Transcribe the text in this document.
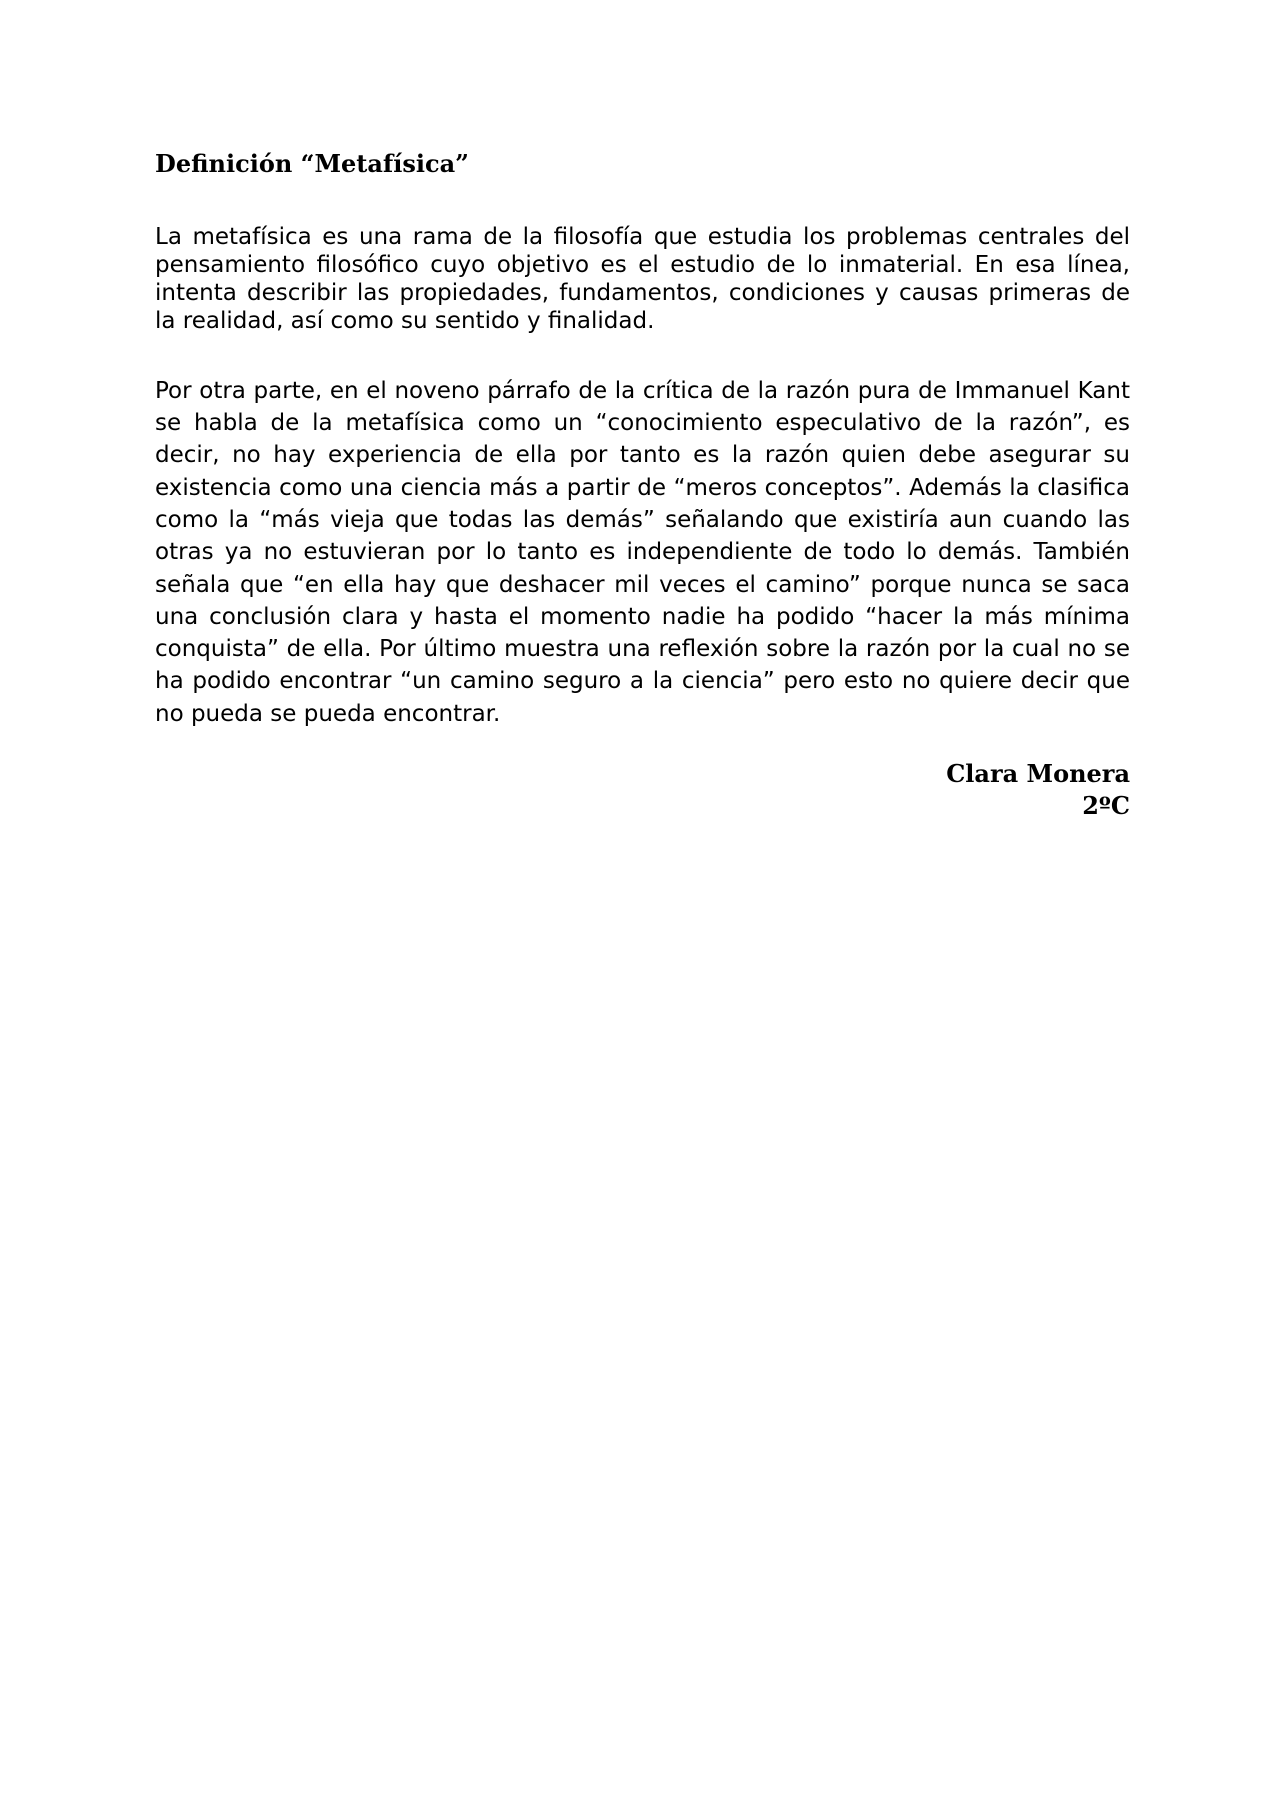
Definición “Metafísica”

La metafísica es una rama de la filosofía que estudia los problemas centrales del pensamiento filosófico cuyo objetivo es el estudio de lo inmaterial. En esa línea, intenta describir las propiedades, fundamentos, condiciones y causas primeras de la realidad, así como su sentido y finalidad.

Por otra parte, en el noveno párrafo de la crítica de la razón pura de Immanuel Kant se habla de la metafísica como un “conocimiento especulativo de la razón”, es decir, no hay experiencia de ella por tanto es la razón quien debe asegurar su existencia como una ciencia más a partir de “meros conceptos”. Además la clasifica como la “más vieja que todas las demás” señalando que existiría aun cuando las otras ya no estuvieran por lo tanto es independiente de todo lo demás. También señala que “en ella hay que deshacer mil veces el camino” porque nunca se saca una conclusión clara y hasta el momento nadie ha podido “hacer la más mínima conquista” de ella. Por último muestra una reflexión sobre la razón por la cual no se ha podido encontrar “un camino seguro a la ciencia” pero esto no quiere decir que no pueda se pueda encontrar.

Clara Monera
2ºC
